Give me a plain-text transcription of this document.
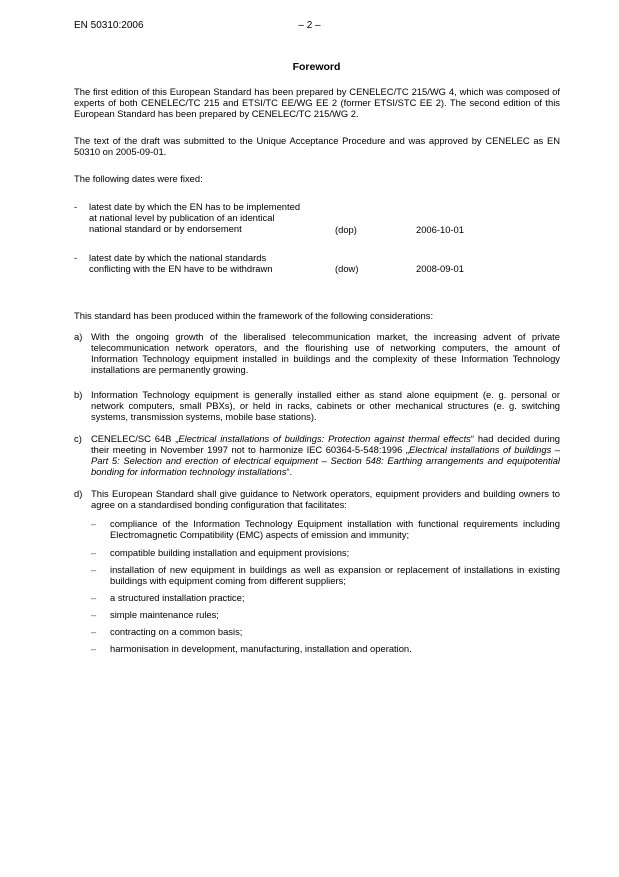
EN 50310:2006	– 2 –
Foreword

The first edition of this European Standard has been prepared by CENELEC/TC 215/WG 4, which was composed of experts of both CENELEC/TC 215 and ETSI/TC EE/WG EE 2 (former ETSI/STC EE 2). The second edition of this European Standard has been prepared by CENELEC/TC 215/WG 2.

The text of the draft was submitted to the Unique Acceptance Procedure and was approved by CENELEC as EN 50310 on 2005-09-01.

The following dates were fixed:

- latest date by which the EN has to be implemented
at national level by publication of an identical
national standard or by endorsement	(dop)	2006-10-01
- latest date by which the national standards
conflicting with the EN have to be withdrawn	(dow)	2008-09-01

This standard has been produced within the framework of the following considerations:

a) With the ongoing growth of the liberalised telecommunication market, the increasing advent of private telecommunication network operators, and the flourishing use of networking computers, the amount of Information Technology equipment installed in buildings and the complexity of these Information Technology installations are permanently growing.
b) Information Technology equipment is generally installed either as stand alone equipment (e. g. personal or network computers, small PBXs), or held in racks, cabinets or other mechanical structures (e. g. switching systems, transmission systems, mobile base stations).
c) CENELEC/SC 64B „Electrical installations of buildings: Protection against thermal effects“ had decided during their meeting in November 1997 not to harmonize IEC 60364-5-548:1996 „Electrical installations of buildings – Part 5: Selection and erection of electrical equipment – Section 548: Earthing arrangements and equipotential bonding for information technology installations“.
d) This European Standard shall give guidance to Network operators, equipment providers and building owners to agree on a standardised bonding configuration that facilitates:
– compliance of the Information Technology Equipment installation with functional requirements including Electromagnetic Compatibility (EMC) aspects of emission and immunity;
– compatible building installation and equipment provisions;
– installation of new equipment in buildings as well as expansion or replacement of installations in existing buildings with equipment coming from different suppliers;
– a structured installation practice;
– simple maintenance rules;
– contracting on a common basis;
– harmonisation in development, manufacturing, installation and operation.
